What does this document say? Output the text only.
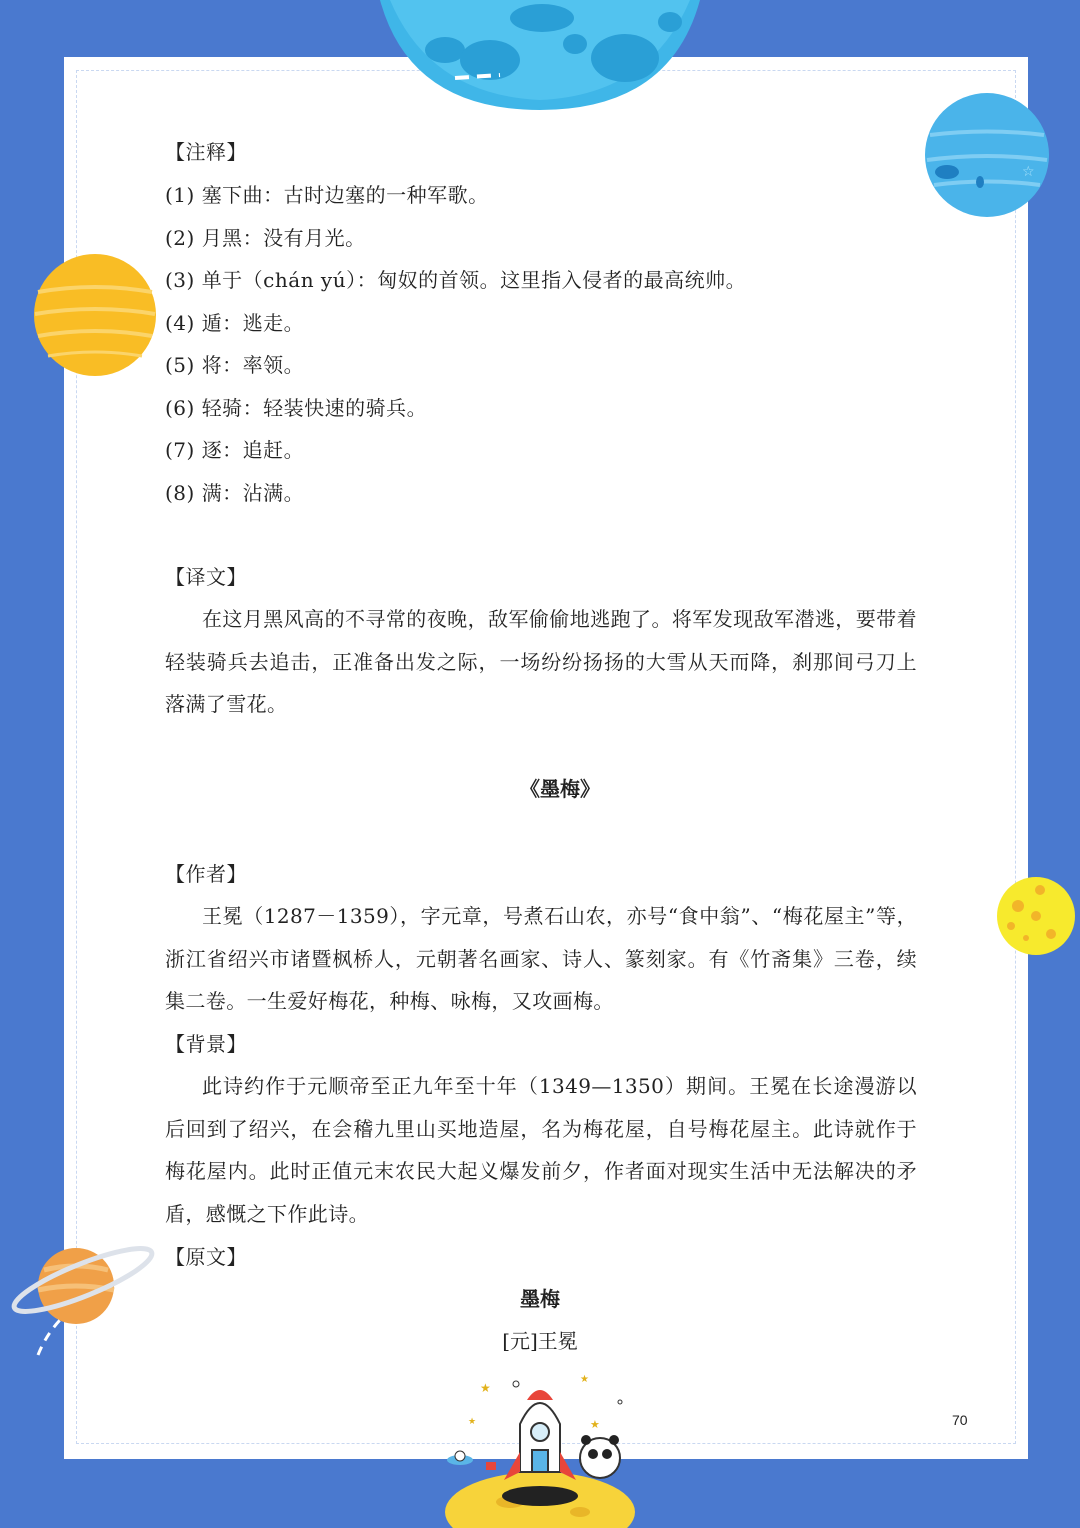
☆
★
★
★
★
【注释】
(1) 塞下曲：古时边塞的一种军歌。
(2) 月黑：没有月光。
(3) 单于（chán yú）：匈奴的首领。这里指入侵者的最高统帅。
(4) 遁：逃走。
(5) 将：率领。
(6) 轻骑：轻装快速的骑兵。
(7) 逐：追赶。
(8) 满：沾满。
【译文】
在这月黑风高的不寻常的夜晚，敌军偷偷地逃跑了。将军发现敌军潜逃，要带着轻装骑兵去追击，正准备出发之际，一场纷纷扬扬的大雪从天而降，刹那间弓刀上落满了雪花。
《墨梅》
【作者】
王冕（1287－1359），字元章，号煮石山农，亦号“食中翁”、“梅花屋主”等，浙江省绍兴市诸暨枫桥人，元朝著名画家、诗人、篆刻家。有《竹斋集》三卷，续集二卷。一生爱好梅花，种梅、咏梅，又攻画梅。
【背景】
此诗约作于元顺帝至正九年至十年（1349—1350）期间。王冕在长途漫游以后回到了绍兴，在会稽九里山买地造屋，名为梅花屋，自号梅花屋主。此诗就作于梅花屋内。此时正值元末农民大起义爆发前夕，作者面对现实生活中无法解决的矛盾，感慨之下作此诗。
【原文】
墨梅
[元]王冕
70
